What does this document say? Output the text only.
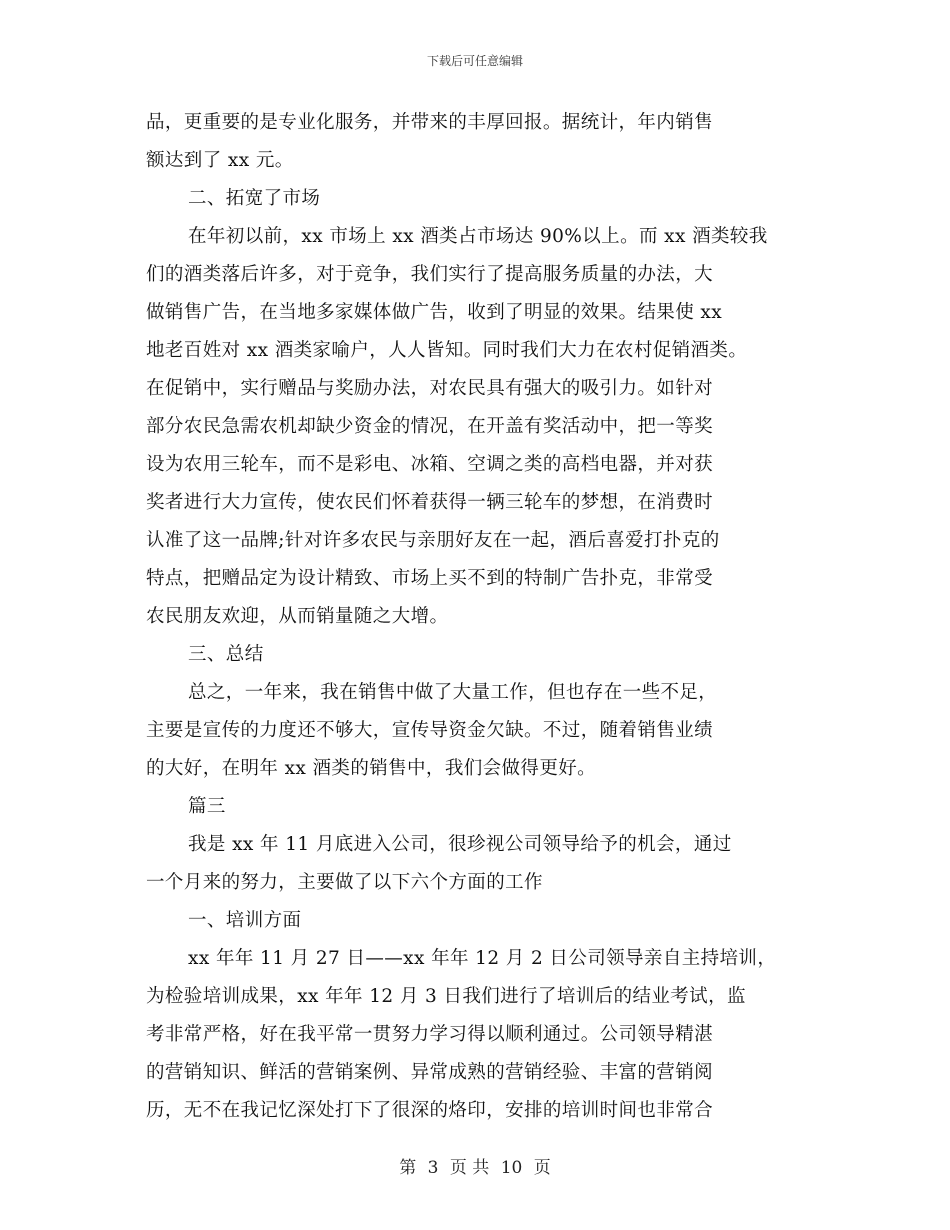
下载后可任意编辑
品，更重要的是专业化服务，并带来的丰厚回报。据统计，年内销售
额达到了 xx 元。
二、拓宽了市场
在年初以前，xx 市场上 xx 酒类占市场达 90%以上。而 xx 酒类较我
们的酒类落后许多，对于竞争，我们实行了提高服务质量的办法，大
做销售广告，在当地多家媒体做广告，收到了明显的效果。结果使 xx
地老百姓对 xx 酒类家喻户，人人皆知。同时我们大力在农村促销酒类。
在促销中，实行赠品与奖励办法，对农民具有强大的吸引力。如针对
部分农民急需农机却缺少资金的情况，在开盖有奖活动中，把一等奖
设为农用三轮车，而不是彩电、冰箱、空调之类的高档电器，并对获
奖者进行大力宣传，使农民们怀着获得一辆三轮车的梦想，在消费时
认准了这一品牌;针对许多农民与亲朋好友在一起，酒后喜爱打扑克的
特点，把赠品定为设计精致、市场上买不到的特制广告扑克，非常受
农民朋友欢迎，从而销量随之大增。
三、总结
总之，一年来，我在销售中做了大量工作，但也存在一些不足，
主要是宣传的力度还不够大，宣传导资金欠缺。不过，随着销售业绩
的大好，在明年 xx 酒类的销售中，我们会做得更好。
篇三
我是 xx 年 11 月底进入公司，很珍视公司领导给予的机会，通过
一个月来的努力，主要做了以下六个方面的工作
一、培训方面
xx 年年 11 月 27 日——xx 年年 12 月 2 日公司领导亲自主持培训，
为检验培训成果，xx 年年 12 月 3 日我们进行了培训后的结业考试，监
考非常严格，好在我平常一贯努力学习得以顺利通过。公司领导精湛
的营销知识、鲜活的营销案例、异常成熟的营销经验、丰富的营销阅
历，无不在我记忆深处打下了很深的烙印，安排的培训时间也非常合
第 3 页 共 10 页
